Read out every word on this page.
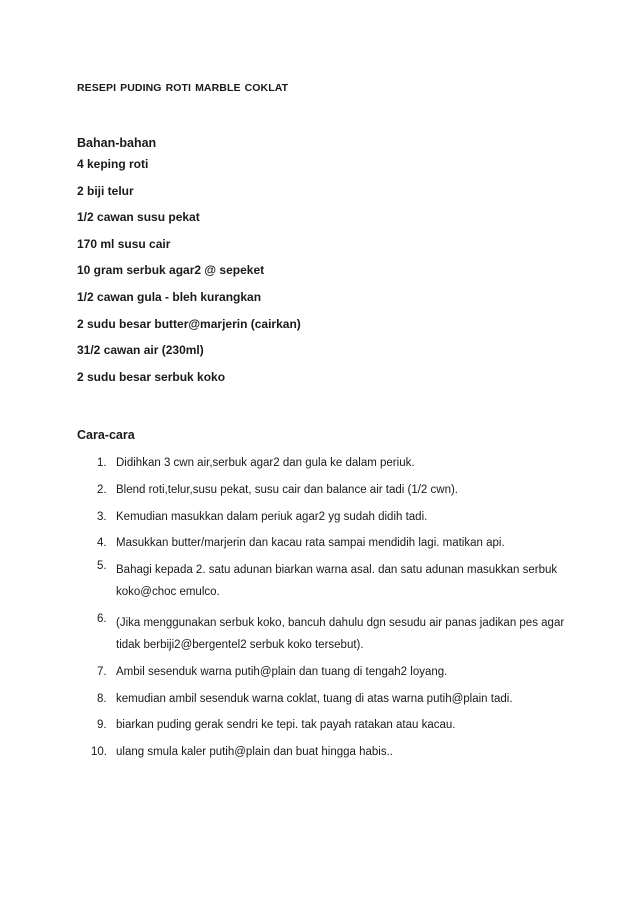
RESEPI PUDING ROTI MARBLE COKLAT
Bahan-bahan
4 keping roti
2 biji telur
1/2 cawan susu pekat
170 ml susu cair
10 gram serbuk agar2 @ sepeket
1/2 cawan gula - bleh kurangkan
2 sudu besar butter@marjerin (cairkan)
31/2 cawan air (230ml)
2 sudu besar serbuk koko
Cara-cara
1. Didihkan 3 cwn air,serbuk agar2 dan gula ke dalam periuk.
2. Blend roti,telur,susu pekat, susu cair dan balance air tadi (1/2 cwn).
3. Kemudian masukkan dalam periuk agar2 yg sudah didih tadi.
4. Masukkan butter/marjerin dan kacau rata sampai mendidih lagi. matikan api.
5. Bahagi kepada 2. satu adunan biarkan warna asal. dan satu adunan masukkan serbuk koko@choc emulco.
6. (Jika menggunakan serbuk koko, bancuh dahulu dgn sesudu air panas jadikan pes agar tidak berbiji2@bergentel2 serbuk koko tersebut).
7. Ambil sesenduk warna putih@plain dan tuang di tengah2 loyang.
8. kemudian ambil sesenduk warna coklat, tuang di atas warna putih@plain tadi.
9. biarkan puding gerak sendri ke tepi. tak payah ratakan atau kacau.
10. ulang smula kaler putih@plain dan buat hingga habis..
